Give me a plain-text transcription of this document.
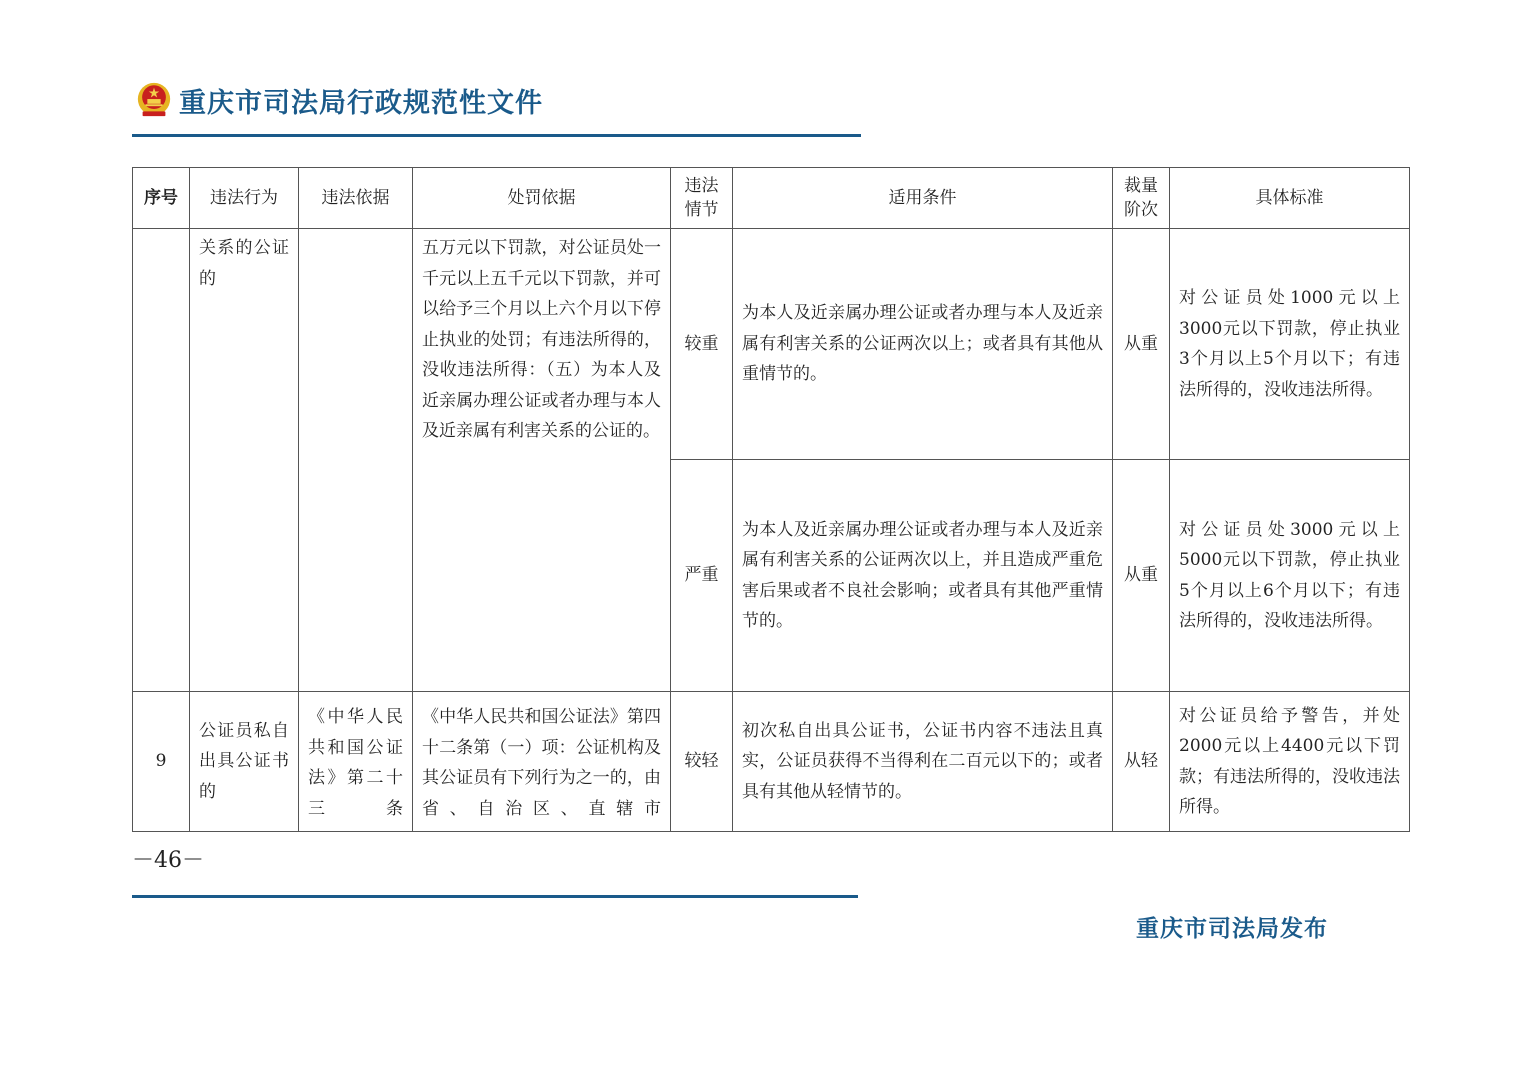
重庆市司法局行政规范性文件
序号	违法行为	违法依据	处罚依据	违法情节	适用条件	裁量阶次	具体标准

	关系的公证的		五万元以下罚款，对公证员处一千元以上五千元以下罚款，并可以给予三个月以上六个月以下停止执业的处罚；有违法所得的，没收违法所得：（五）为本人及近亲属办理公证或者办理与本人及近亲属有利害关系的公证的。	较重	为本人及近亲属办理公证或者办理与本人及近亲属有利害关系的公证两次以上；或者具有其他从重情节的。	从重	对公证员处1000元以上3000元以下罚款，停止执业3个月以上5个月以下；有违法所得的，没收违法所得。

				严重	为本人及近亲属办理公证或者办理与本人及近亲属有利害关系的公证两次以上，并且造成严重危害后果或者不良社会影响；或者具有其他严重情节的。	从重	对公证员处3000元以上5000元以下罚款，停止执业5个月以上6个月以下；有违法所得的，没收违法所得。

9	公证员私自出具公证书的	《中华人民共和国公证法》第二十三条	《中华人民共和国公证法》第四十二条第（一）项：公证机构及其公证员有下列行为之一的，由省、自治区、直辖市	较轻	初次私自出具公证书，公证书内容不违法且真实，公证员获得不当得利在二百元以下的；或者具有其他从轻情节的。	从轻	对公证员给予警告，并处2000元以上4400元以下罚款；有违法所得的，没收违法所得。
－46－
重庆市司法局发布
